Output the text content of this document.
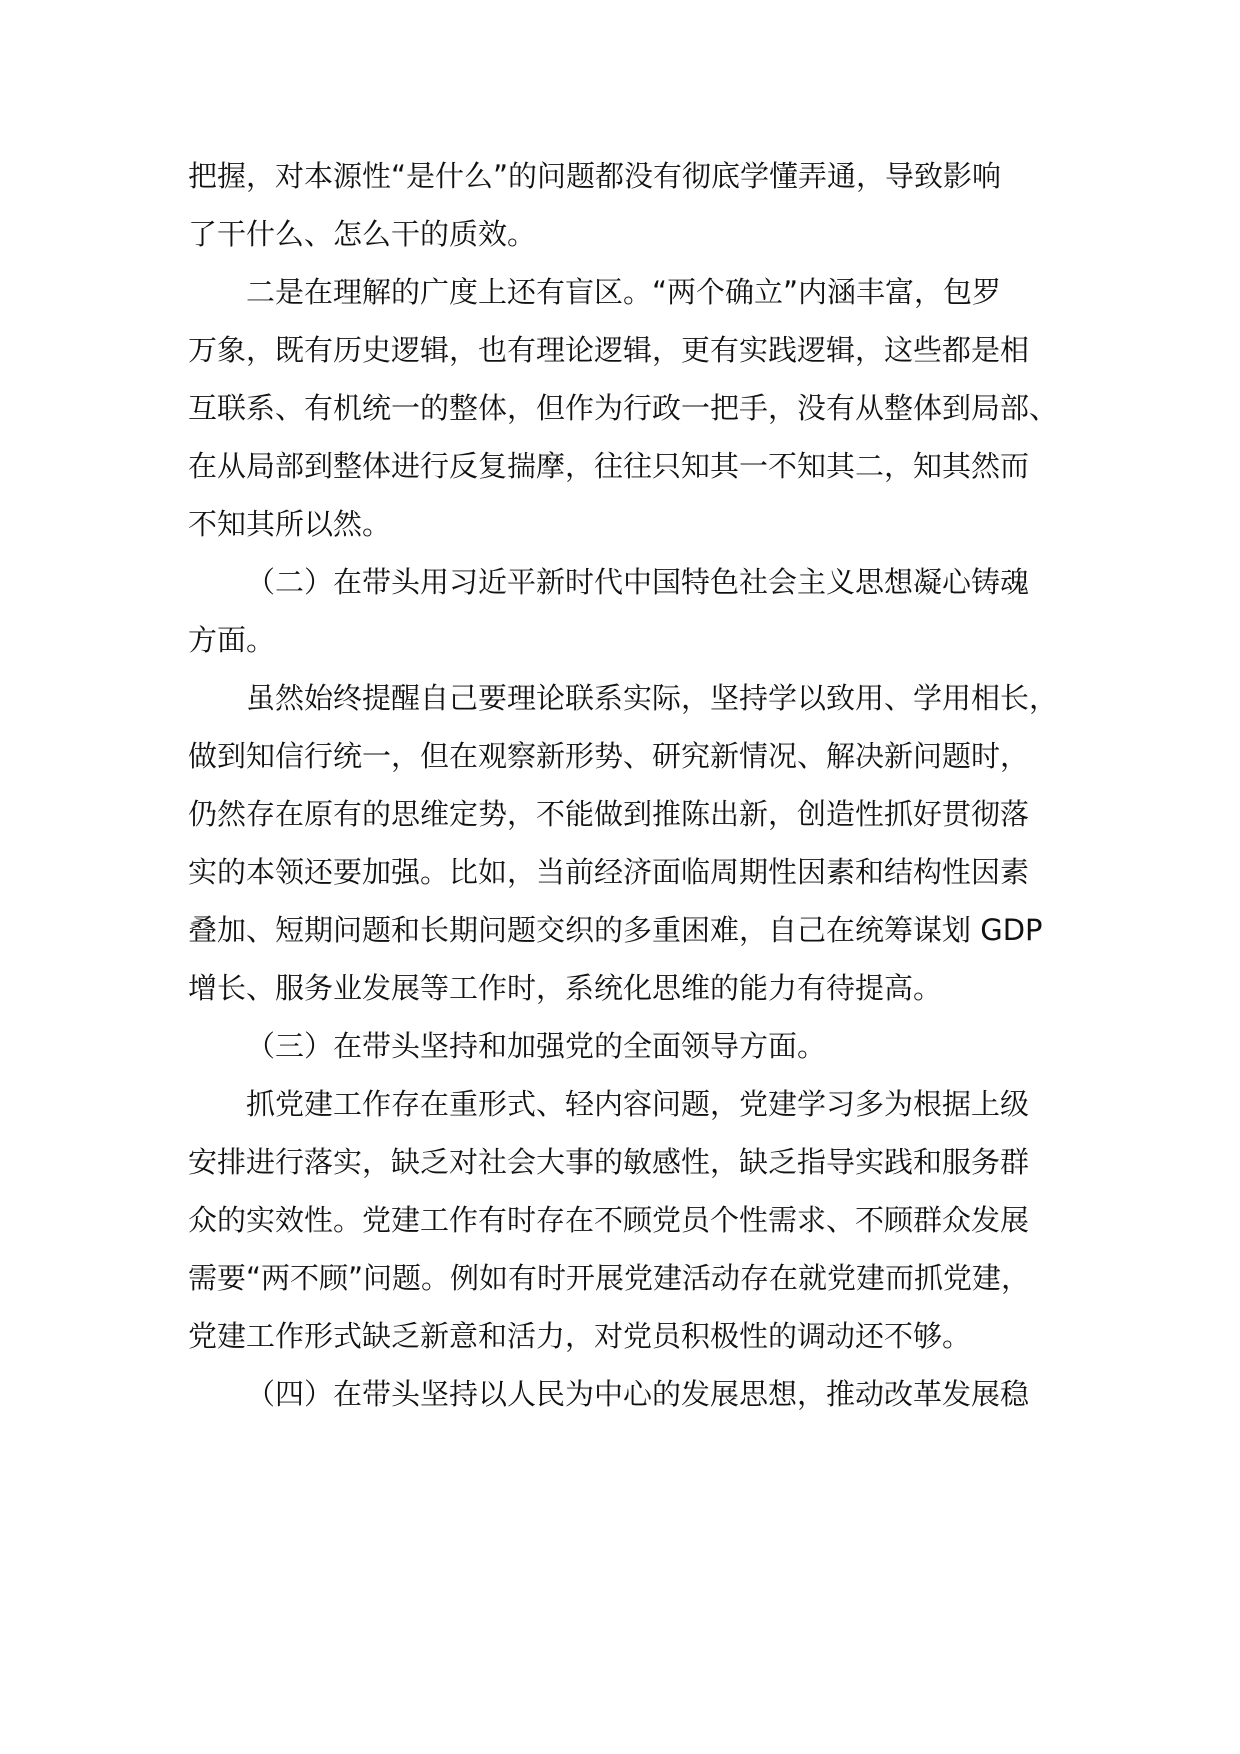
把握，对本源性“是什么”的问题都没有彻底学懂弄通，导致影响
了干什么、怎么干的质效。
二是在理解的广度上还有盲区。“两个确立”内涵丰富，包罗
万象，既有历史逻辑，也有理论逻辑，更有实践逻辑，这些都是相
互联系、有机统一的整体，但作为行政一把手，没有从整体到局部、
在从局部到整体进行反复揣摩，往往只知其一不知其二，知其然而
不知其所以然。
（二）在带头用习近平新时代中国特色社会主义思想凝心铸魂
方面。
虽然始终提醒自己要理论联系实际，坚持学以致用、学用相长，
做到知信行统一，但在观察新形势、研究新情况、解决新问题时，
仍然存在原有的思维定势，不能做到推陈出新，创造性抓好贯彻落
实的本领还要加强。比如，当前经济面临周期性因素和结构性因素
叠加、短期问题和长期问题交织的多重困难，自己在统筹谋划 GDP
增长、服务业发展等工作时，系统化思维的能力有待提高。
（三）在带头坚持和加强党的全面领导方面。
抓党建工作存在重形式、轻内容问题，党建学习多为根据上级
安排进行落实，缺乏对社会大事的敏感性，缺乏指导实践和服务群
众的实效性。党建工作有时存在不顾党员个性需求、不顾群众发展
需要“两不顾”问题。例如有时开展党建活动存在就党建而抓党建，
党建工作形式缺乏新意和活力，对党员积极性的调动还不够。
（四）在带头坚持以人民为中心的发展思想，推动改革发展稳
